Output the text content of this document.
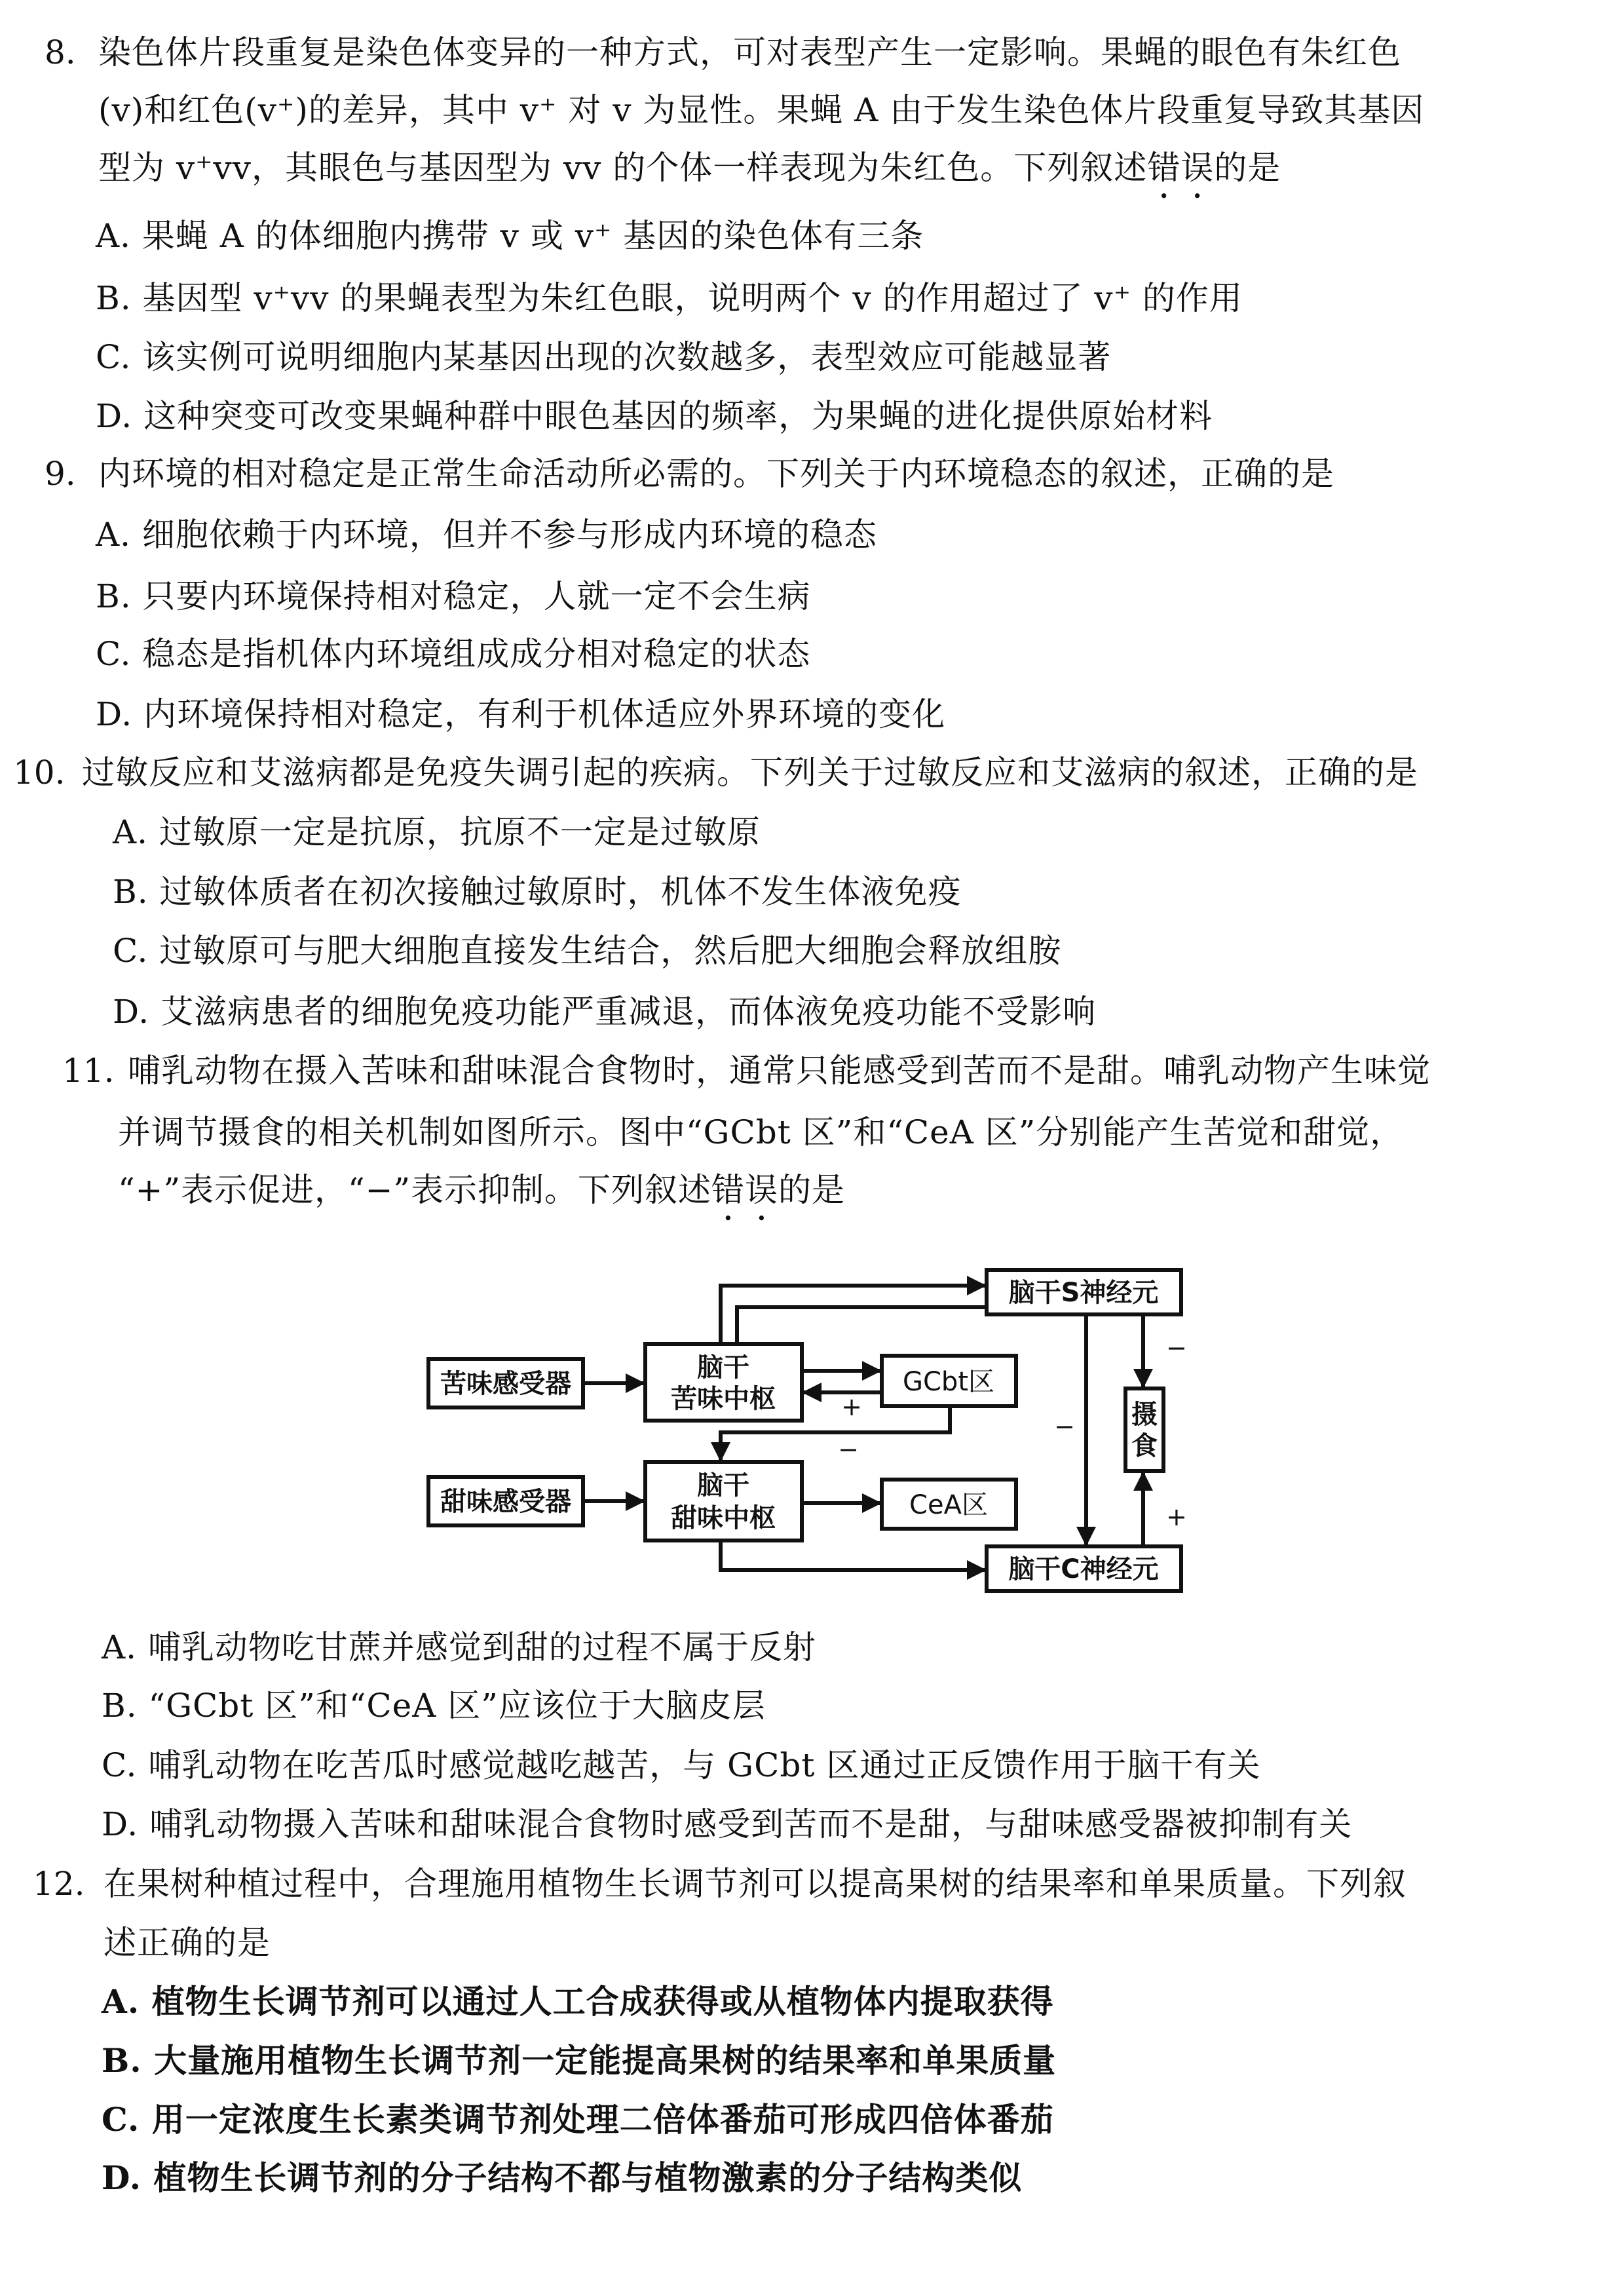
8. 染色体片段重复是染色体变异的一种方式，可对表型产生一定影响。果蝇的眼色有朱红色
(v)和红色(v⁺)的差异，其中 v⁺ 对 v 为显性。果蝇 A 由于发生染色体片段重复导致其基因
型为 v⁺vv，其眼色与基因型为 vv 的个体一样表现为朱红色。下列叙述错误的是
A. 果蝇 A 的体细胞内携带 v 或 v⁺ 基因的染色体有三条
B. 基因型 v⁺vv 的果蝇表型为朱红色眼，说明两个 v 的作用超过了 v⁺ 的作用
C. 该实例可说明细胞内某基因出现的次数越多，表型效应可能越显著
D. 这种突变可改变果蝇种群中眼色基因的频率，为果蝇的进化提供原始材料
9. 内环境的相对稳定是正常生命活动所必需的。下列关于内环境稳态的叙述，正确的是
A. 细胞依赖于内环境，但并不参与形成内环境的稳态
B. 只要内环境保持相对稳定，人就一定不会生病
C. 稳态是指机体内环境组成成分相对稳定的状态
D. 内环境保持相对稳定，有利于机体适应外界环境的变化
10. 过敏反应和艾滋病都是免疫失调引起的疾病。下列关于过敏反应和艾滋病的叙述，正确的是
A. 过敏原一定是抗原，抗原不一定是过敏原
B. 过敏体质者在初次接触过敏原时，机体不发生体液免疫
C. 过敏原可与肥大细胞直接发生结合，然后肥大细胞会释放组胺
D. 艾滋病患者的细胞免疫功能严重减退，而体液免疫功能不受影响
11. 哺乳动物在摄入苦味和甜味混合食物时，通常只能感受到苦而不是甜。哺乳动物产生味觉
并调节摄食的相关机制如图所示。图中“GCbt 区”和“CeA 区”分别能产生苦觉和甜觉，
“+”表示促进，“−”表示抑制。下列叙述错误的是
苦味感受器
脑干
苦味中枢
GCbt区
脑干S神经元
摄
食
甜味感受器
脑干
甜味中枢	CeA区
脑干C神经元
+
−
−
−
+
A. 哺乳动物吃甘蔗并感觉到甜的过程不属于反射
B. “GCbt 区”和“CeA 区”应该位于大脑皮层
C. 哺乳动物在吃苦瓜时感觉越吃越苦，与 GCbt 区通过正反馈作用于脑干有关
D. 哺乳动物摄入苦味和甜味混合食物时感受到苦而不是甜，与甜味感受器被抑制有关
12. 在果树种植过程中，合理施用植物生长调节剂可以提高果树的结果率和单果质量。下列叙
述正确的是
A. 植物生长调节剂可以通过人工合成获得或从植物体内提取获得
B. 大量施用植物生长调节剂一定能提高果树的结果率和单果质量
C. 用一定浓度生长素类调节剂处理二倍体番茄可形成四倍体番茄
D. 植物生长调节剂的分子结构不都与植物激素的分子结构类似
